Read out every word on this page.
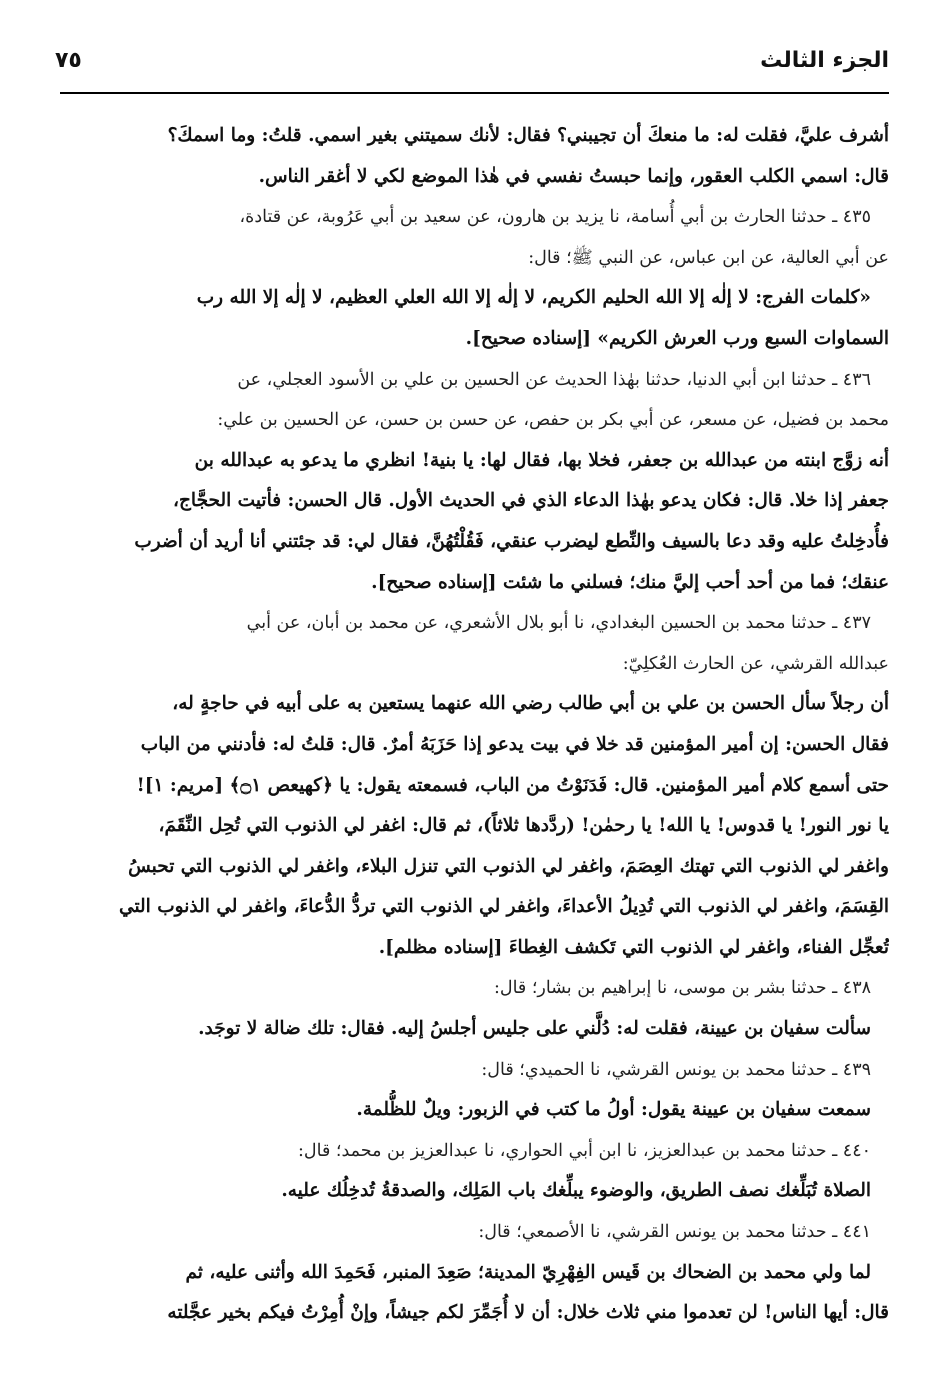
الجزء الثالث
٧٥
أشرف عليَّ، فقلت له: ما منعكَ أن تجيبني؟ فقال: لأنك سميتني بغير اسمي. قلتُ: وما اسمكَ؟
قال: اسمي الكلب العقور، وإنما حبستُ نفسي في هٰذا الموضع لكي لا أغقر الناس.
٤٣٥ ـ حدثنا الحارث بن أبي أُسامة، نا يزيد بن هارون، عن سعيد بن أبي عَرُوبة، عن قتادة،
عن أبي العالية، عن ابن عباس، عن النبي ﷺ؛ قال:
«كلمات الفرج: لا إلٰه إلا الله الحليم الكريم، لا إلٰه إلا الله العلي العظيم، لا إلٰه إلا الله رب
السماوات السبع ورب العرش الكريم» [إسناده صحيح].
٤٣٦ ـ حدثنا ابن أبي الدنيا، حدثنا بهٰذا الحديث عن الحسين بن علي بن الأسود العجلي، عن
محمد بن فضيل، عن مسعر، عن أبي بكر بن حفص، عن حسن بن حسن، عن الحسين بن علي:
أنه زوَّج ابنته من عبدالله بن جعفر، فخلا بها، فقال لها: يا بنية! انظري ما يدعو به عبدالله بن
جعفر إذا خلا. قال: فكان يدعو بهٰذا الدعاء الذي في الحديث الأول. قال الحسن: فأتيت الحجَّاج،
فأُدخِلتُ عليه وقد دعا بالسيف والنِّطع ليضرب عنقي، فَقُلْتُهُنَّ، فقال لي: قد جئتني أنا أريد أن أضرب
عنقك؛ فما من أحد أحب إليَّ منك؛ فسلني ما شئت [إسناده صحيح].
٤٣٧ ـ حدثنا محمد بن الحسين البغدادي، نا أبو بلال الأشعري، عن محمد بن أبان، عن أبي
عبدالله القرشي، عن الحارث العُكلِيّ:
أن رجلاً سأل الحسن بن علي بن أبي طالب رضي الله عنهما يستعين به على أبيه في حاجةٍ له،
فقال الحسن: إن أمير المؤمنين قد خلا في بيت يدعو إذا حَزَبَهُ أمرٌ. قال: قلتُ له: فأدنني من الباب
حتى أسمع كلام أمير المؤمنين. قال: فَدَنَوْتُ من الباب، فسمعته يقول: يا ﴿كهيعص ۝١﴾ [مريم: ١]!
يا نور النور! يا قدوس! يا الله! يا رحمٰن! (ردَّدها ثلاثاً)، ثم قال: اغفر لي الذنوب التي تُحِل النِّقَمَ،
واغفر لي الذنوب التي تهتك العِصَمَ، واغفر لي الذنوب التي تنزل البلاء، واغفر لي الذنوب التي تحبسُ
القِسَمَ، واغفر لي الذنوب التي تُدِيلُ الأعداءَ، واغفر لي الذنوب التي تردُّ الدُّعاءَ، واغفر لي الذنوب التي
تُعجِّل الفناء، واغفر لي الذنوب التي تَكشف الغِطاءَ [إسناده مظلم].
٤٣٨ ـ حدثنا بشر بن موسى، نا إبراهيم بن بشار؛ قال:
سألت سفيان بن عيينة، فقلت له: دُلَّني على جليس أجلسُ إليه. فقال: تلك ضالة لا توجَد.
٤٣٩ ـ حدثنا محمد بن يونس القرشي، نا الحميدي؛ قال:
سمعت سفيان بن عيينة يقول: أولُ ما كتب في الزبور: ويلٌ للظُّلمة.
٤٤٠ ـ حدثنا محمد بن عبدالعزيز، نا ابن أبي الحواري، نا عبدالعزيز بن محمد؛ قال:
الصلاة تُبَلِّغك نصف الطريق، والوضوء يبلِّغك باب المَلِك، والصدقةُ تُدخِلُك عليه.
٤٤١ ـ حدثنا محمد بن يونس القرشي، نا الأصمعي؛ قال:
لما ولي محمد بن الضحاك بن قَيس الفِهْرِيّ المدينة؛ صَعِدَ المنبر، فَحَمِدَ الله وأثنى عليه، ثم
قال: أيها الناس! لن تعدموا مني ثلاث خلال: أن لا أُجَمِّرَ لكم جيشاً، وإنْ أُمِرْتُ فيكم بخير عجَّلته
